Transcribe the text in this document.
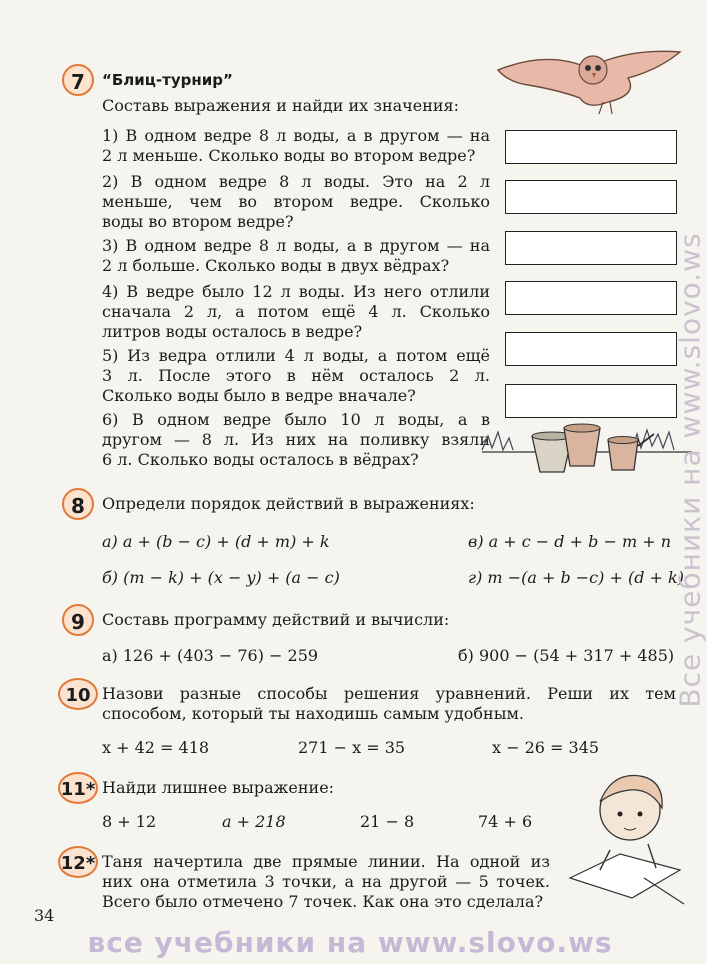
7	“Блиц-турнир”
Составь выражения и найди их значения:
1) В одном ведре 8 л воды, а в другом — на
2 л меньше. Сколько воды во втором ведре?
2) В одном ведре 8 л воды. Это на 2 л
меньше, чем во втором ведре. Сколько
воды во втором ведре?
3) В одном ведре 8 л воды, а в другом — на
2 л больше. Сколько воды в двух вёдрах?
4) В ведре было 12 л воды. Из него отлили
сначала 2 л, а потом ещё 4 л. Сколько
литров воды осталось в ведре?
5) Из ведра отлили 4 л воды, а потом ещё
3 л. После этого в нём осталось 2 л.
Сколько воды было в ведре вначале?
6) В одном ведре было 10 л воды, а в
другом — 8 л. Из них на поливку взяли
6 л. Сколько воды осталось в вёдрах?
8	Определи порядок действий в выражениях:
а) a + (b − c) + (d + m) + k	в) a + c − d + b − m + n
б) (m − k) + (x − y) + (a − c)	г) m −(a + b −c) + (d + k)
9	Составь программу действий и вычисли:
а) 126 + (403 − 76) − 259	б) 900 − (54 + 317 + 485)
10 Назови разные способы решения уравнений. Реши их тем
способом, который ты находишь самым удобным.
x + 42 = 418	271 − x = 35	x − 26 = 345
11* Найди лишнее выражение:
8 + 12	a + 218	21 − 8	74 + 6
12* Таня начертила две прямые линии. На одной из
них она отметила 3 точки, а на другой — 5 точек.
Всего было отмечено 7 точек. Как она это сделала?
34
Все учебники на www.slovo.ws
все учебники на www.slovo.ws
